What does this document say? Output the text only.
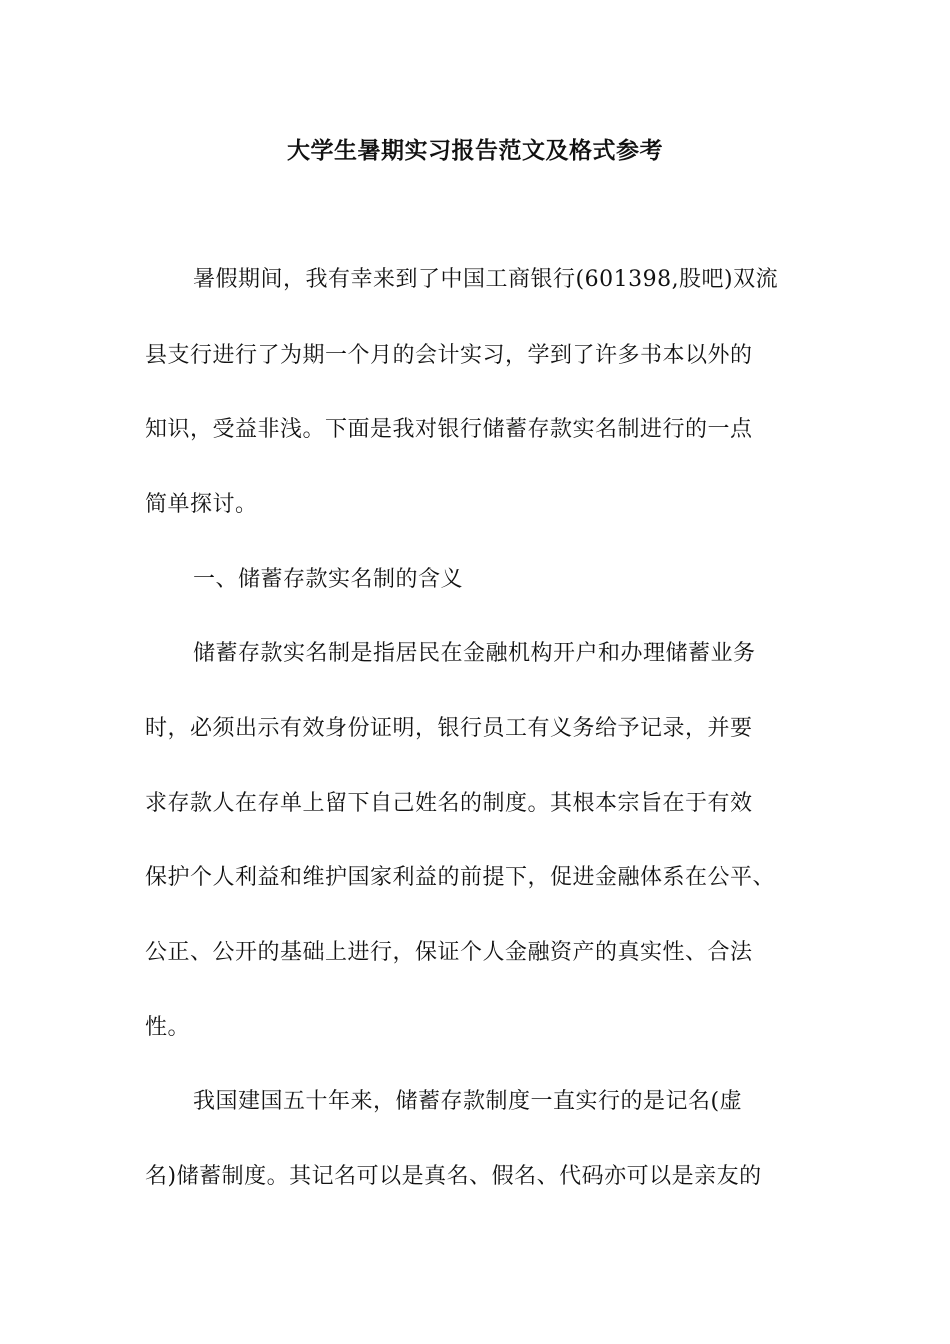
大学生暑期实习报告范文及格式参考
暑假期间，我有幸来到了中国工商银行(601398,股吧)双流
县支行进行了为期一个月的会计实习，学到了许多书本以外的
知识，受益非浅。下面是我对银行储蓄存款实名制进行的一点
简单探讨。
一、储蓄存款实名制的含义
储蓄存款实名制是指居民在金融机构开户和办理储蓄业务
时，必须出示有效身份证明，银行员工有义务给予记录，并要
求存款人在存单上留下自己姓名的制度。其根本宗旨在于有效
保护个人利益和维护国家利益的前提下，促进金融体系在公平、
公正、公开的基础上进行，保证个人金融资产的真实性、合法
性。
我国建国五十年来，储蓄存款制度一直实行的是记名(虚
名)储蓄制度。其记名可以是真名、假名、代码亦可以是亲友的
